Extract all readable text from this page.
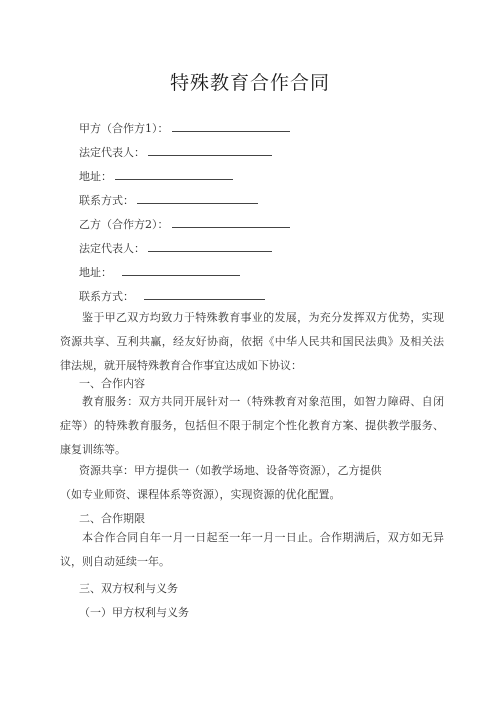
特殊教育合作合同
甲方（合作方1）：
法定代表人：
地址：
联系方式：
乙方（合作方2）：
法定代表人：
地址：
联系方式：
鉴于甲乙双方均致力于特殊教育事业的发展，为充分发挥双方优势，实现资源共享、互利共赢，经友好协商，依据《中华人民共和国民法典》及相关法律法规，就开展特殊教育合作事宜达成如下协议：
一、合作内容
教育服务：双方共同开展针对一（特殊教育对象范围，如智力障碍、自闭症等）的特殊教育服务，包括但不限于制定个性化教育方案、提供教学服务、康复训练等。
资源共享：甲方提供一（如教学场地、设备等资源），乙方提供
（如专业师资、课程体系等资源），实现资源的优化配置。
二、合作期限
本合作合同自年一月一日起至一年一月一日止。合作期满后，双方如无异议，则自动延续一年。
三、双方权利与义务
（一）甲方权利与义务
